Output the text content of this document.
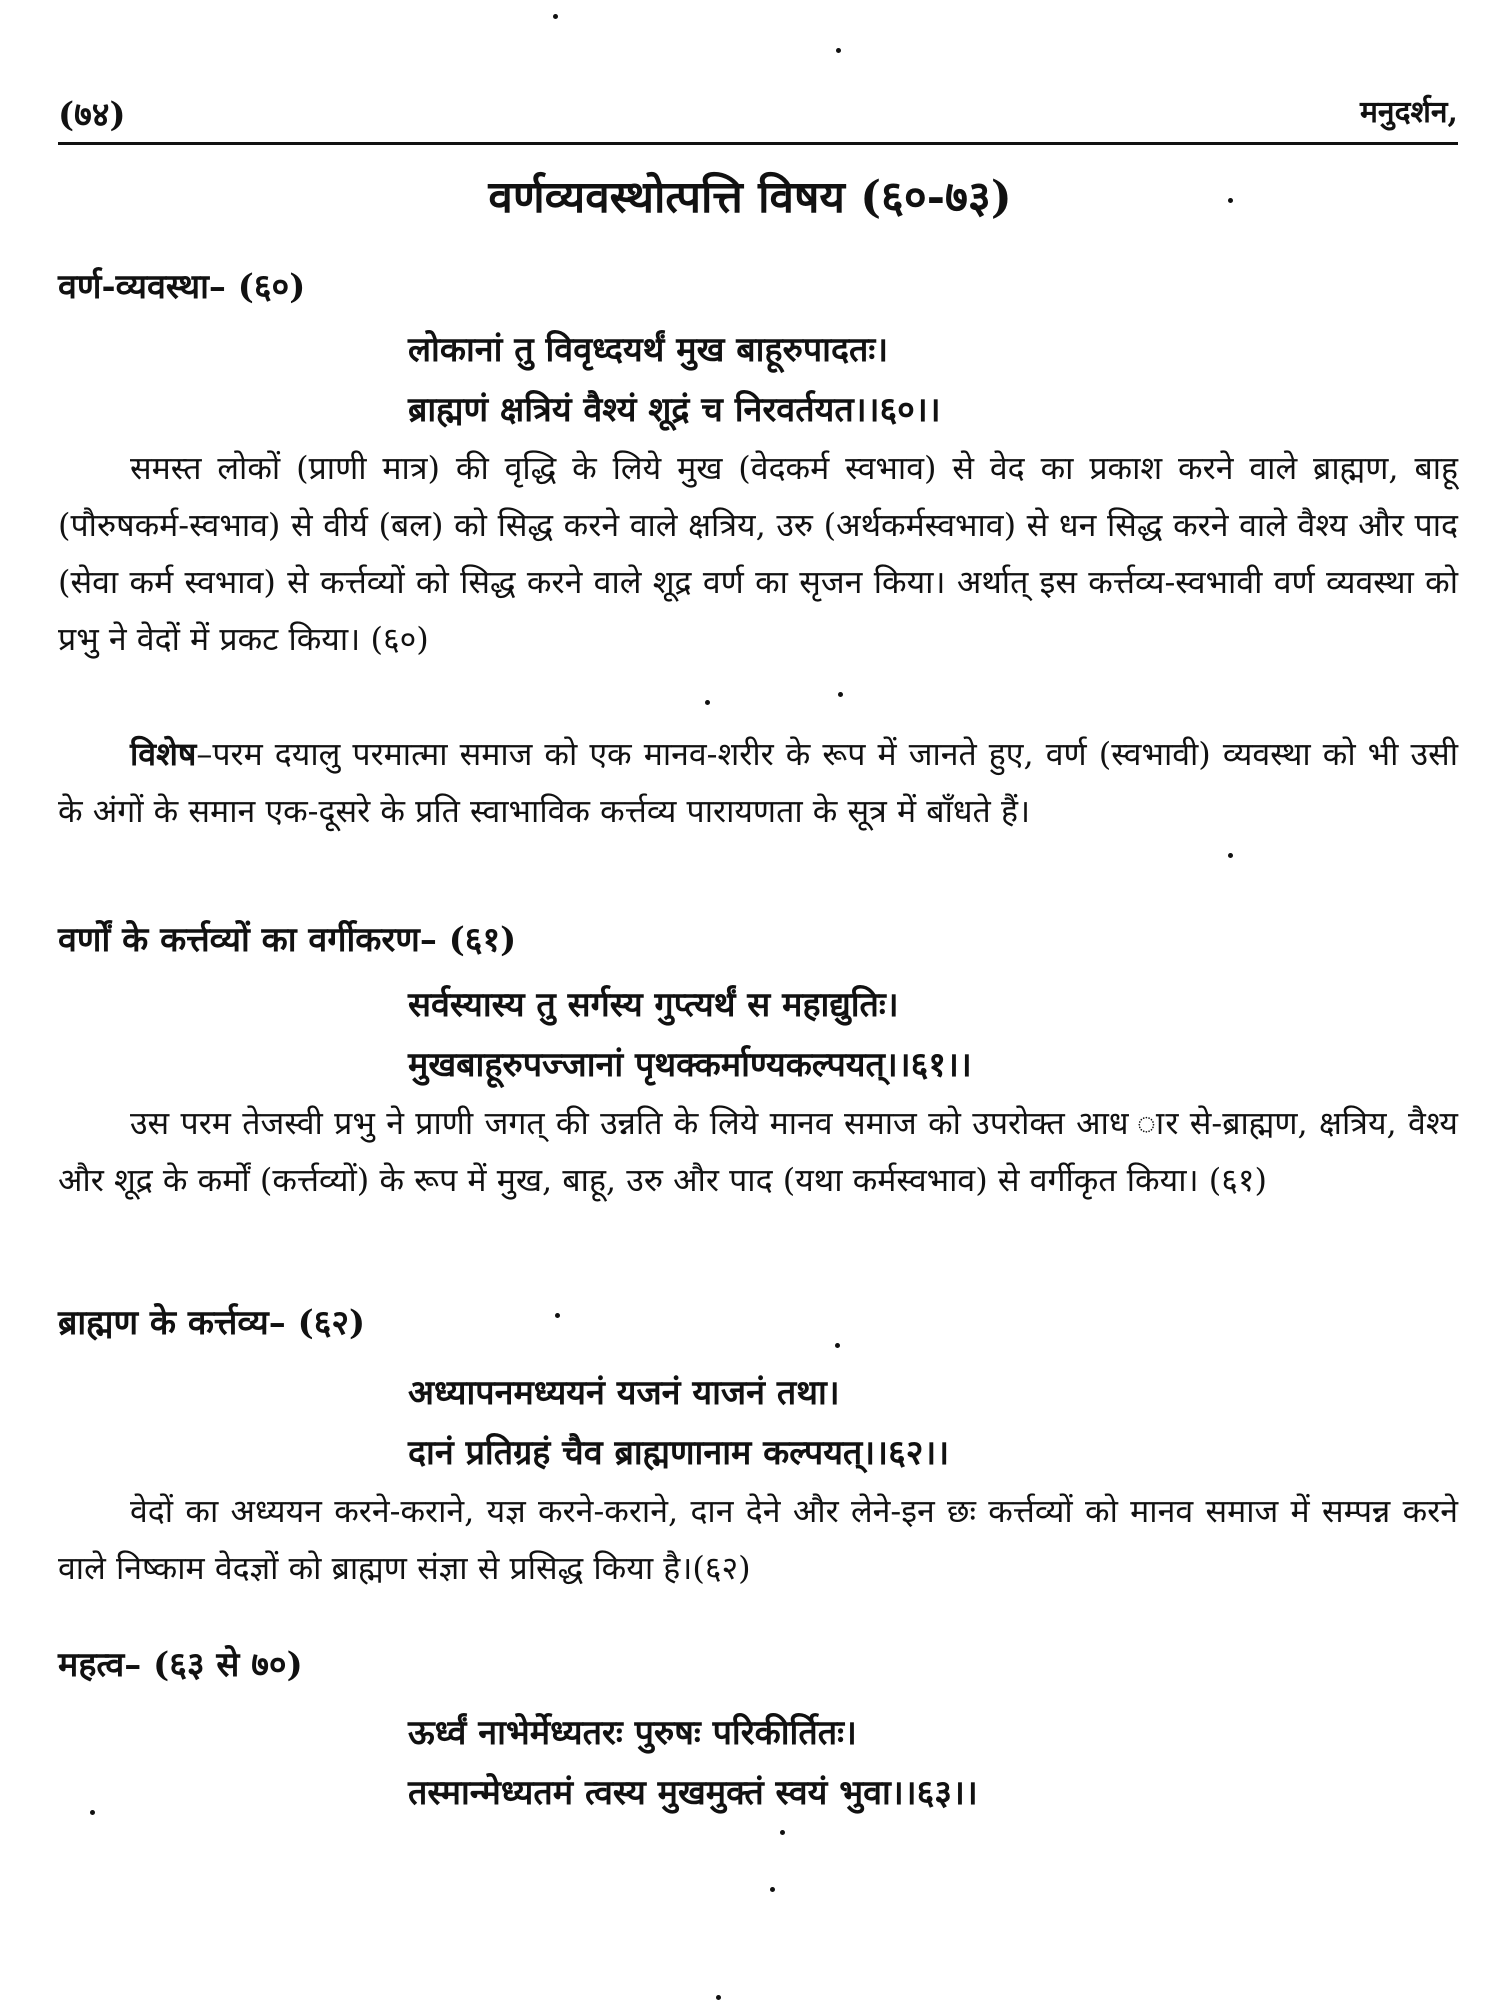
(७४)	मनुदर्शन,
वर्णव्यवस्थोत्पत्ति विषय (६०-७३)
वर्ण-व्यवस्था– (६०)
लोकानां तु विवृध्दयर्थं मुख बाहूरुपादतः।
ब्राह्मणं क्षत्रियं वैश्यं शूद्रं च निरवर्तयत।।६०।।
समस्त लोकों (प्राणी मात्र) की वृद्धि के लिये मुख (वेदकर्म स्वभाव) से वेद का प्रकाश करने वाले ब्राह्मण, बाहू (पौरुषकर्म-स्वभाव) से वीर्य (बल) को सिद्ध करने वाले क्षत्रिय, उरु (अर्थकर्मस्वभाव) से धन सिद्ध करने वाले वैश्य और पाद (सेवा कर्म स्वभाव) से कर्त्तव्यों को सिद्ध करने वाले शूद्र वर्ण का सृजन किया। अर्थात् इस कर्त्तव्य-स्वभावी वर्ण व्यवस्था को प्रभु ने वेदों में प्रकट किया। (६०)
विशेष–परम दयालु परमात्मा समाज को एक मानव-शरीर के रूप में जानते हुए, वर्ण (स्वभावी) व्यवस्था को भी उसी के अंगों के समान एक-दूसरे के प्रति स्वाभाविक कर्त्तव्य पारायणता के सूत्र में बाँधते हैं।
वर्णों के कर्त्तव्यों का वर्गीकरण– (६१)
सर्वस्यास्य तु सर्गस्य गुप्त्यर्थं स महाद्युतिः।
मुखबाहूरुपज्जानां पृथक्कर्माण्यकल्पयत्।।६१।।
उस परम तेजस्वी प्रभु ने प्राणी जगत् की उन्नति के लिये मानव समाज को उपरोक्त आध ार से-ब्राह्मण, क्षत्रिय, वैश्य और शूद्र के कर्मों (कर्त्तव्यों) के रूप में मुख, बाहू, उरु और पाद (यथा कर्मस्वभाव) से वर्गीकृत किया। (६१)
ब्राह्मण के कर्त्तव्य– (६२)
अध्यापनमध्ययनं यजनं याजनं तथा।
दानं प्रतिग्रहं चैव ब्राह्मणानाम कल्पयत्।।६२।।
वेदों का अध्ययन करने-कराने, यज्ञ करने-कराने, दान देने और लेने-इन छः कर्त्तव्यों को मानव समाज में सम्पन्न करने वाले निष्काम वेदज्ञों को ब्राह्मण संज्ञा से प्रसिद्ध किया है।(६२)
महत्व– (६३ से ७०)
ऊर्ध्वं नाभेर्मेध्यतरः पुरुषः परिकीर्तितः।
तस्मान्मेध्यतमं त्वस्य मुखमुक्तं स्वयं भुवा।।६३।।
